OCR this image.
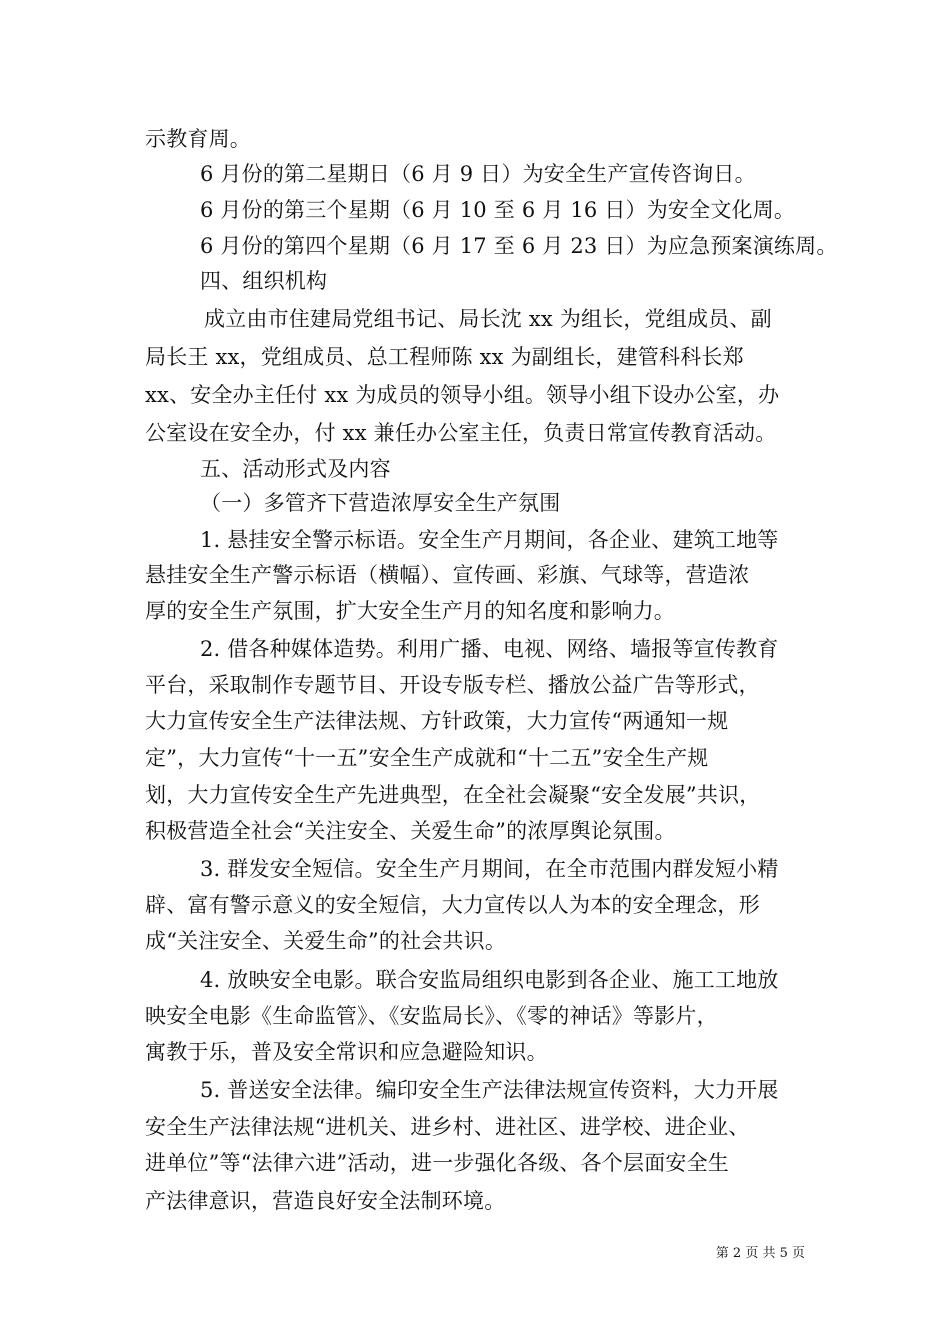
示教育周。
6 月份的第二星期日（6 月 9 日）为安全生产宣传咨询日。
6 月份的第三个星期（6 月 10 至 6 月 16 日）为安全文化周。
6 月份的第四个星期（6 月 17 至 6 月 23 日）为应急预案演练周。
四、组织机构
成立由市住建局党组书记、局长沈 xx 为组长，党组成员、副
局长王 xx，党组成员、总工程师陈 xx 为副组长，建管科科长郑
xx、安全办主任付 xx 为成员的领导小组。领导小组下设办公室，办
公室设在安全办，付 xx 兼任办公室主任，负责日常宣传教育活动。
五、活动形式及内容
（一）多管齐下营造浓厚安全生产氛围
1. 悬挂安全警示标语。安全生产月期间，各企业、建筑工地等
悬挂安全生产警示标语（横幅）、宣传画、彩旗、气球等，营造浓
厚的安全生产氛围，扩大安全生产月的知名度和影响力。
2. 借各种媒体造势。利用广播、电视、网络、墙报等宣传教育
平台，采取制作专题节目、开设专版专栏、播放公益广告等形式，
大力宣传安全生产法律法规、方针政策，大力宣传“两通知一规
定”，大力宣传“十一五”安全生产成就和“十二五”安全生产规
划，大力宣传安全生产先进典型，在全社会凝聚“安全发展”共识，
积极营造全社会“关注安全、关爱生命”的浓厚舆论氛围。
3. 群发安全短信。安全生产月期间，在全市范围内群发短小精
辟、富有警示意义的安全短信，大力宣传以人为本的安全理念，形
成“关注安全、关爱生命”的社会共识。
4. 放映安全电影。联合安监局组织电影到各企业、施工工地放
映安全电影《生命监管》、《安监局长》、《零的神话》等影片，
寓教于乐，普及安全常识和应急避险知识。
5. 普送安全法律。编印安全生产法律法规宣传资料，大力开展
安全生产法律法规“进机关、进乡村、进社区、进学校、进企业、
进单位”等“法律六进”活动，进一步强化各级、各个层面安全生
产法律意识，营造良好安全法制环境。
第 2 页 共 5 页
